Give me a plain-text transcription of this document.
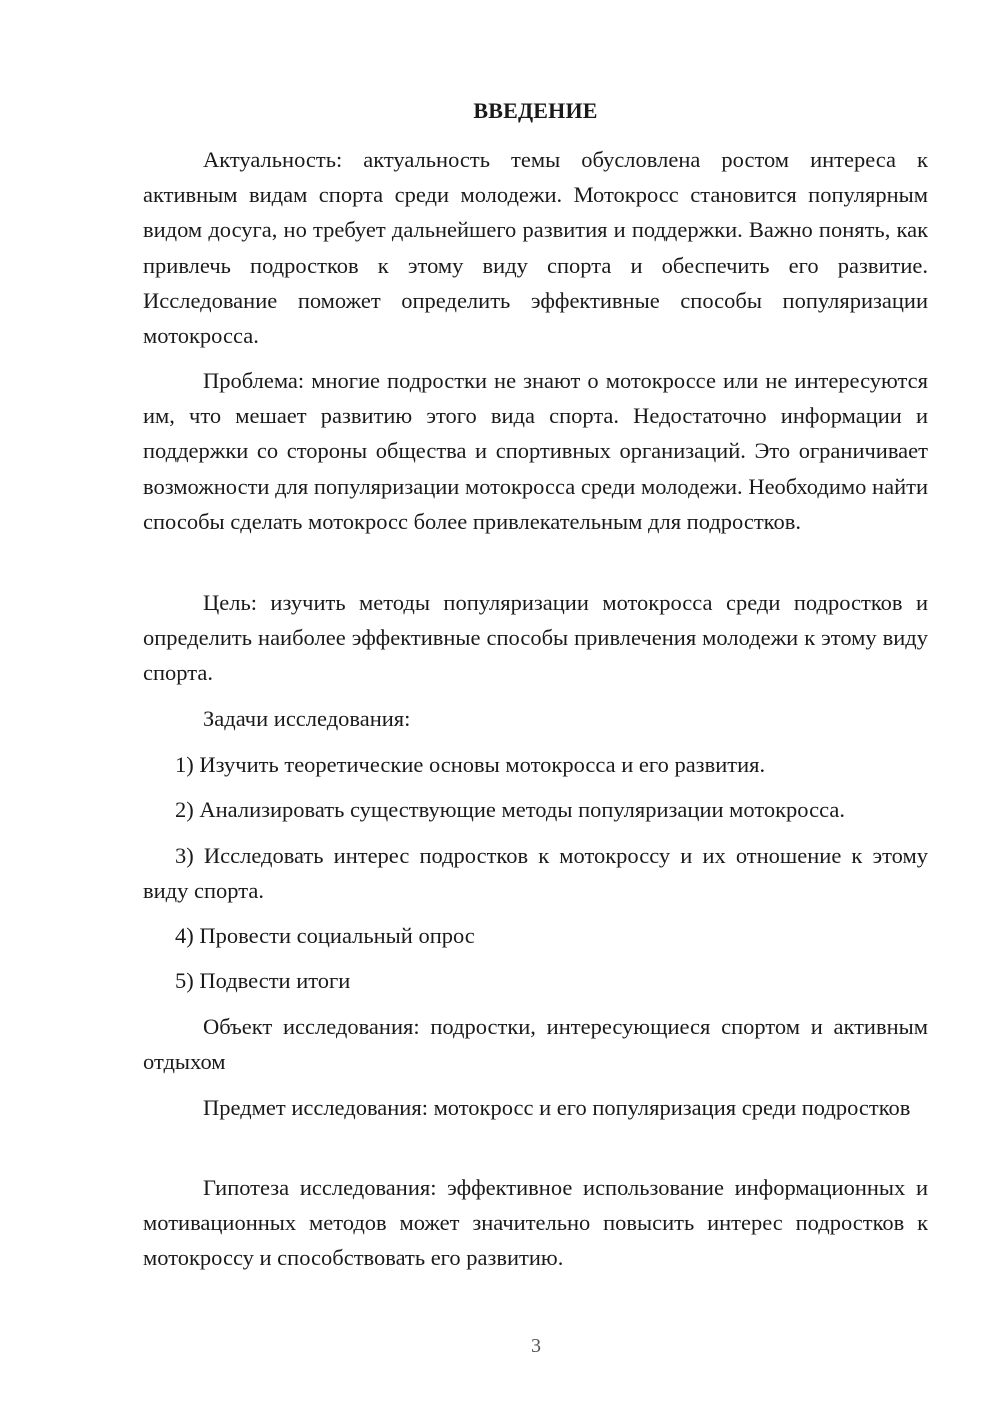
ВВЕДЕНИЕ

Актуальность: актуальность темы обусловлена ростом интереса к активным видам спорта среди молодежи. Мотокросс становится популярным видом досуга, но требует дальнейшего развития и поддержки. Важно понять, как привлечь подростков к этому виду спорта и обеспечить его развитие. Исследование поможет определить эффективные способы популяризации мотокросса.

Проблема: многие подростки не знают о мотокроссе или не интересуются им, что мешает развитию этого вида спорта. Недостаточно информации и поддержки со стороны общества и спортивных организаций. Это ограничивает возможности для популяризации мотокросса среди молодежи. Необходимо найти способы сделать мотокросс более привлекательным для подростков.

Цель: изучить методы популяризации мотокросса среди подростков и определить наиболее эффективные способы привлечения молодежи к этому виду спорта.

Задачи исследования:

1) Изучить теоретические основы мотокросса и его развития.

2) Анализировать существующие методы популяризации мотокросса.

3) Исследовать интерес подростков к мотокроссу и их отношение к этому виду спорта.

4) Провести социальный опрос

5) Подвести итоги

Объект исследования: подростки, интересующиеся спортом и активным отдыхом

Предмет исследования: мотокросс и его популяризация среди подростков

Гипотеза исследования: эффективное использование информационных и мотивационных методов может значительно повысить интерес подростков к мотокроссу и способствовать его развитию.

3
